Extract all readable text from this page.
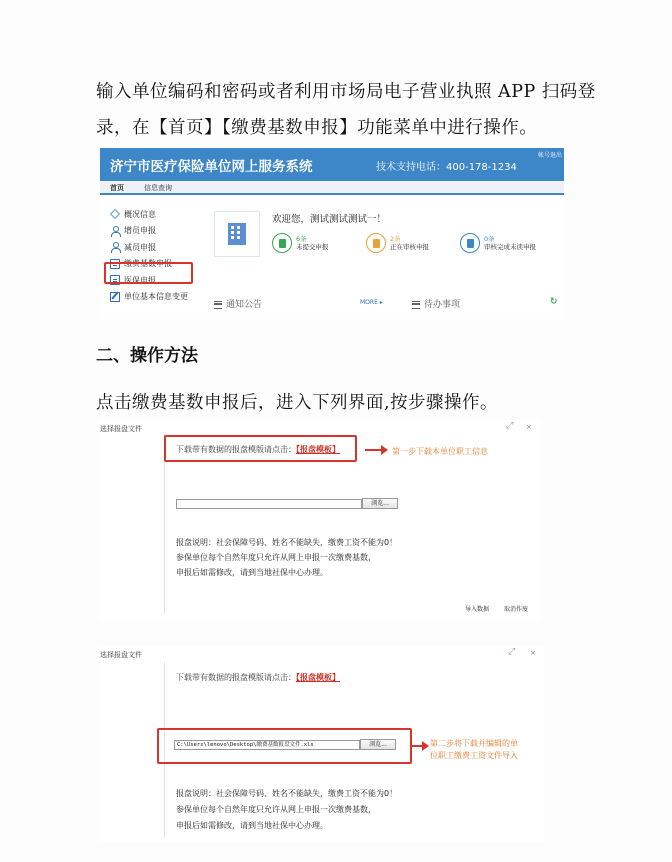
输入单位编码和密码或者利用市场局电子营业执照 APP 扫码登
录，在【首页】【缴费基数申报】功能菜单中进行操作。
济宁市医疗保险单位网上服务系统	技术支持电话：400-178-1234
帐号退出
首页	信息查询
概况信息
增员申报
减员申报
缴费基数申报
医保申报
单位基本信息变更
欢迎您，测试测试测试一！
6条
未提交申报
2条
正在审核申报
0条
审核完成未读申报
通知公告	MORE ▸	待办事项	↻
二、操作方法
点击缴费基数申报后，进入下列界面,按步骤操作。
选择报盘文件	⤢ ×
下载带有数据的报盘模版请点击：【报盘模板】	第一步下载本单位职工信息
浏览...
报盘说明：社会保障号码、姓名不能缺失，缴费工资不能为0！
参保单位每个自然年度只允许从网上申报一次缴费基数，
申报后如需修改，请到当地社保中心办理。
导入数据 取消作废
选择报盘文件	⤢ ×
下载带有数据的报盘模版请点击：【报盘模板】
C:\Users\lenovo\Desktop\缴费基数报盘文件.xls	浏览...	第二步将下载并编辑的单
位职工缴费工资文件导入
报盘说明：社会保障号码、姓名不能缺失，缴费工资不能为0！
参保单位每个自然年度只允许从网上申报一次缴费基数，
申报后如需修改，请到当地社保中心办理。
